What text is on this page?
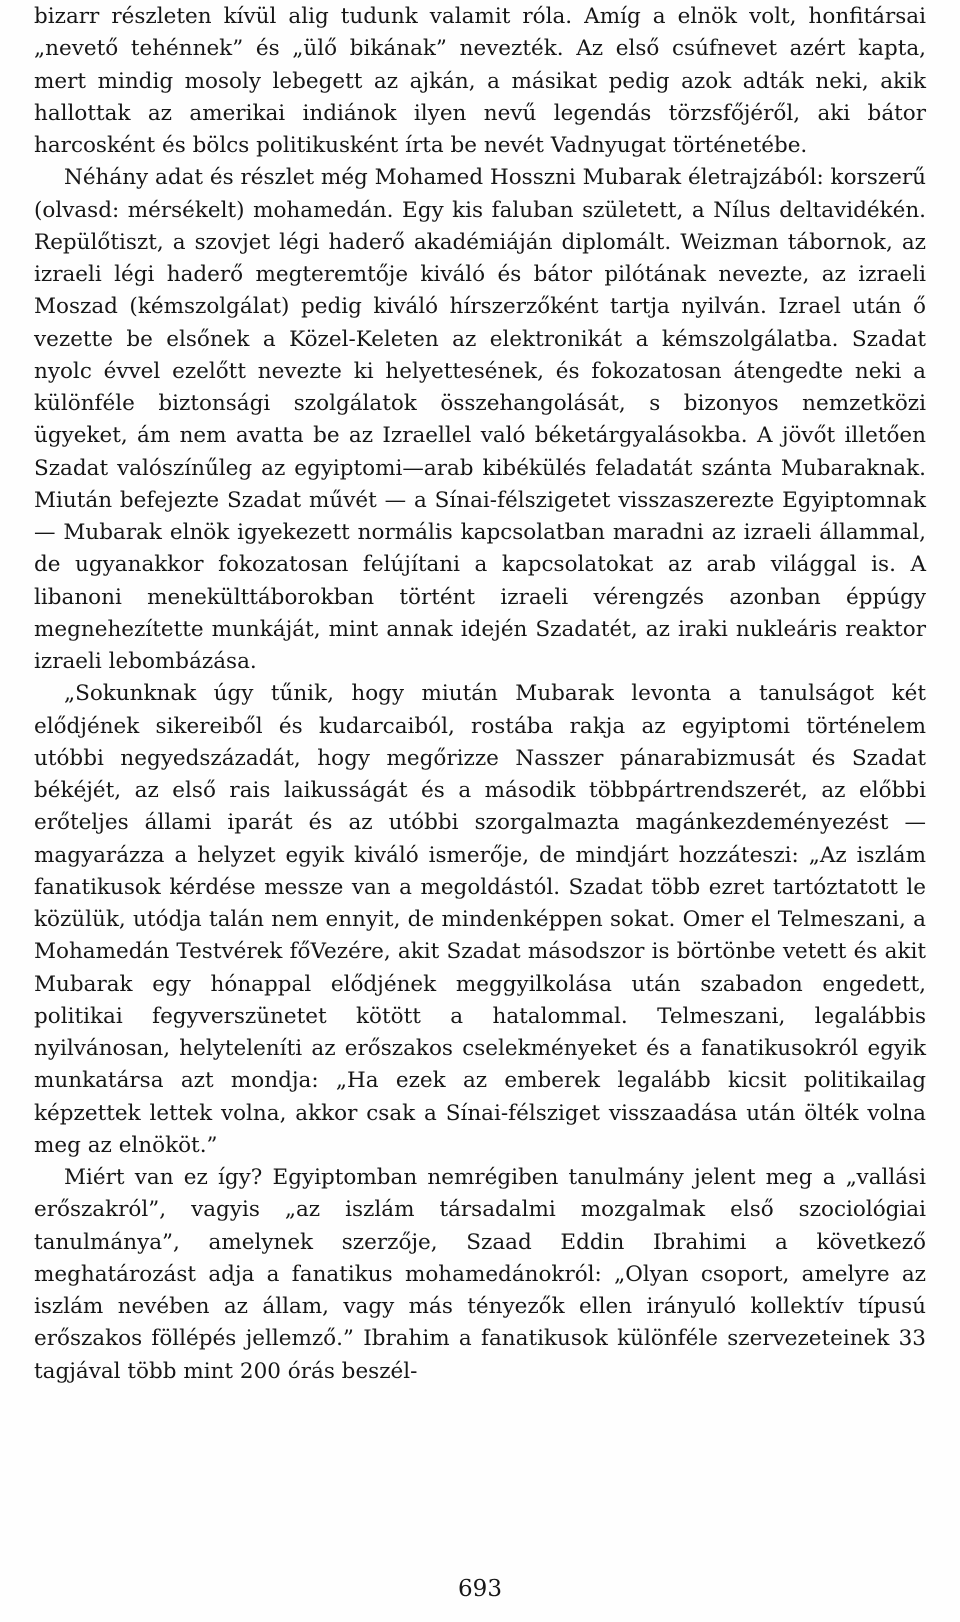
bizarr részleten kívül alig tudunk valamit róla. Amíg a elnök volt, honfitársai „nevető tehénnek” és „ülő bikának” nevezték. Az első csúfnevet azért kapta, mert mindig mosoly lebegett az ajkán, a másikat pedig azok adták neki, akik hallottak az amerikai indiánok ilyen nevű legendás törzsfőjéről, aki bátor harcosként és bölcs politikusként írta be nevét Vadnyugat történetébe.

Néhány adat és részlet még Mohamed Hosszni Mubarak életrajzából: korszerű (olvasd: mérsékelt) mohamedán. Egy kis faluban született, a Nílus deltavidékén. Repülőtiszt, a szovjet légi haderő akadémiáján diplomált. Weizman tábornok, az izraeli légi haderő megteremtője kiváló és bátor pilótának nevezte, az izraeli Moszad (kémszolgálat) pedig kiváló hírszerzőként tartja nyilván. Izrael után ő vezette be elsőnek a Közel-Keleten az elektronikát a kémszolgálatba. Szadat nyolc évvel ezelőtt nevezte ki helyettesének, és fokozatosan átengedte neki a különféle biztonsági szolgálatok összehangolását, s bizonyos nemzetközi ügyeket, ám nem avatta be az Izraellel való béketárgyalásokba. A jövőt illetően Szadat valószínűleg az egyiptomi—arab kibékülés feladatát szánta Mubaraknak. Miután befejezte Szadat művét — a Sínai-félszigetet visszaszerezte Egyiptomnak — Mubarak elnök igyekezett normális kapcsolatban maradni az izraeli állammal, de ugyanakkor fokozatosan felújítani a kapcsolatokat az arab világgal is. A libanoni menekülttáborokban történt izraeli vérengzés azonban éppúgy megnehezítette munkáját, mint annak idején Szadatét, az iraki nukleáris reaktor izraeli lebombázása.

„Sokunknak úgy tűnik, hogy miután Mubarak levonta a tanulságot két elődjének sikereiből és kudarcaiból, rostába rakja az egyiptomi történelem utóbbi negyedszázadát, hogy megőrizze Nasszer pánarabizmusát és Szadat békéjét, az első rais laikusságát és a második többpártrendszerét, az előbbi erőteljes állami iparát és az utóbbi szorgalmazta magánkezdeményezést — magyarázza a helyzet egyik kiváló ismerője, de mindjárt hozzáteszi: „Az iszlám fanatikusok kérdése messze van a megoldástól. Szadat több ezret tartóztatott le közülük, utódja talán nem ennyit, de mindenképpen sokat. Omer el Telmeszani, a Mohamedán Testvérek főVezére, akit Szadat másodszor is börtönbe vetett és akit Mubarak egy hónappal elődjének meggyilkolása után szabadon engedett, politikai fegyverszünetet kötött a hatalommal. Telmeszani, legalábbis nyilvánosan, helyteleníti az erőszakos cselekményeket és a fanatikusokról egyik munkatársa azt mondja: „Ha ezek az emberek legalább kicsit politikailag képzettek lettek volna, akkor csak a Sínai-félsziget visszaadása után ölték volna meg az elnököt.”

Miért van ez így? Egyiptomban nemrégiben tanulmány jelent meg a „vallási erőszakról”, vagyis „az iszlám társadalmi mozgalmak első szociológiai tanulmánya”, amelynek szerzője, Szaad Eddin Ibrahimi a következő meghatározást adja a fanatikus mohamedánokról: „Olyan csoport, amelyre az iszlám nevében az állam, vagy más tényezők ellen irányuló kollektív típusú erőszakos föllépés jellemző.” Ibrahim a fanatikusok különféle szervezeteinek 33 tagjával több mint 200 órás beszél-

693
